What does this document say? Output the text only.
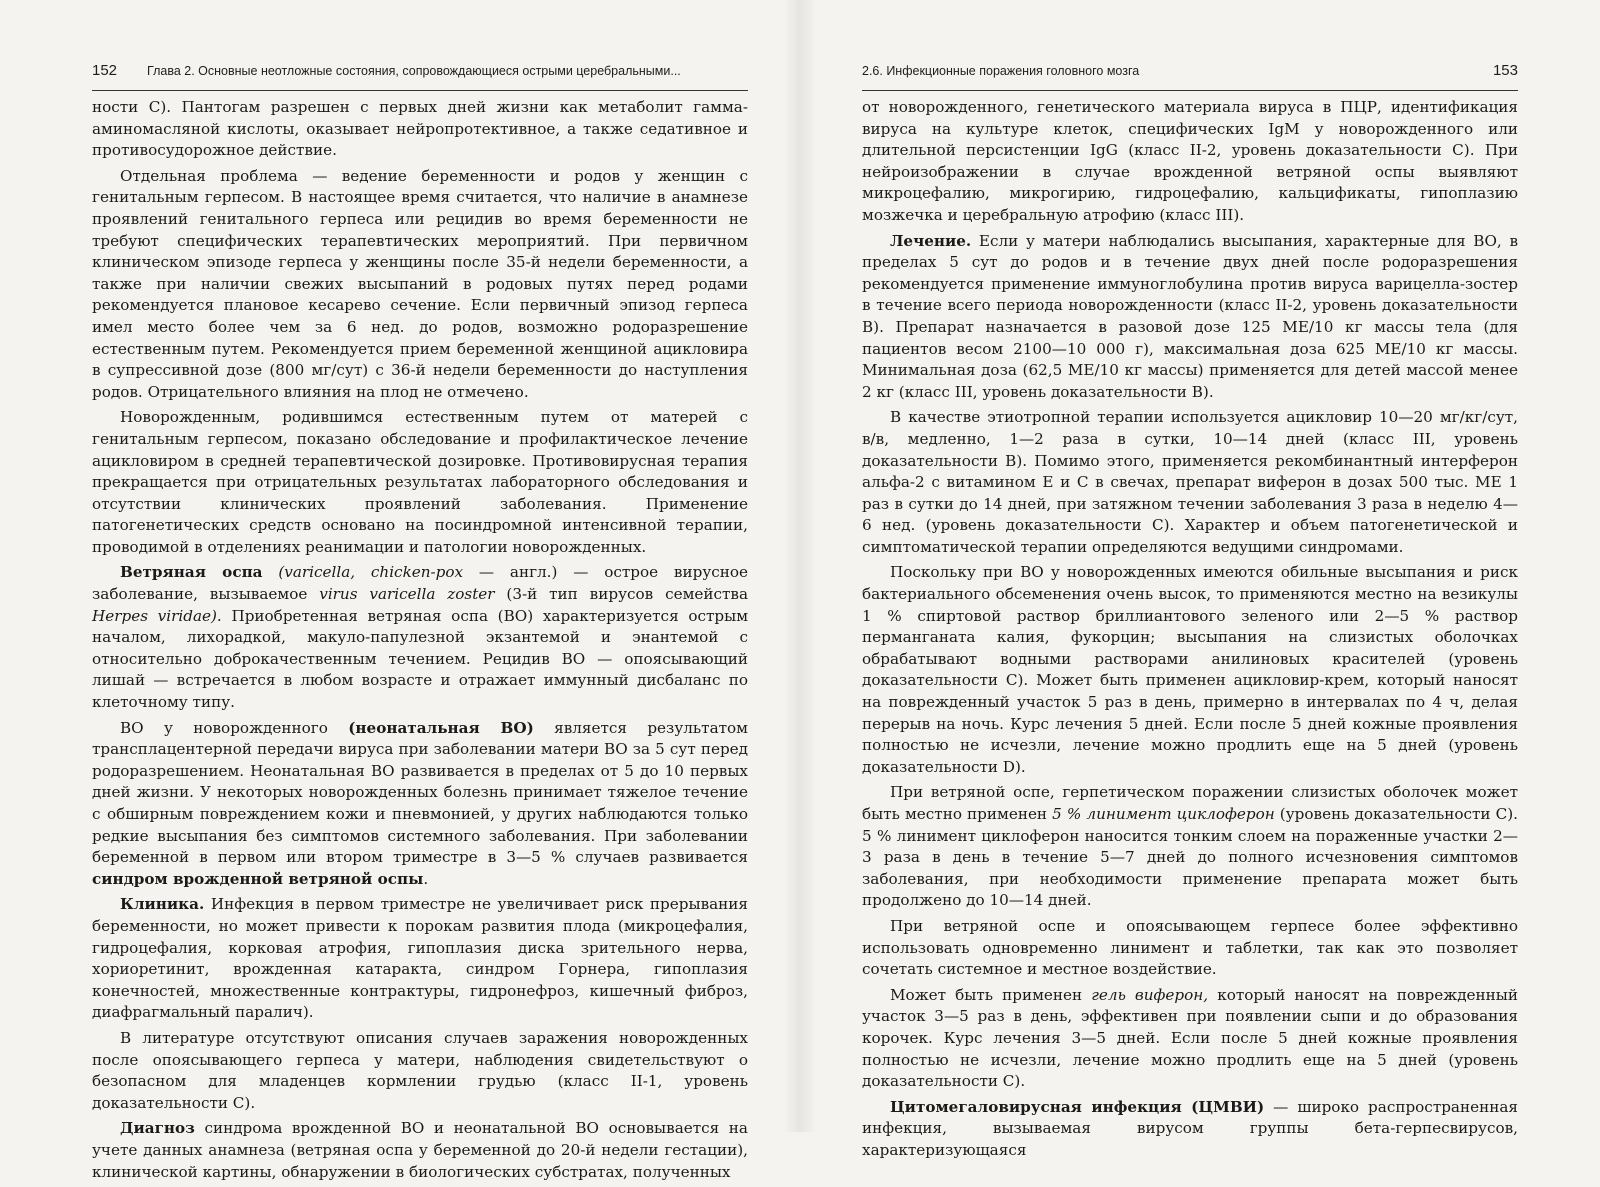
152 Глава 2. Основные неотложные состояния, сопровождающиеся острыми церебральными...

ности С). Пантогам разрешен с первых дней жизни как метаболит гамма-аминомасляной кислоты, оказывает нейропротективное, а также седативное и противосудорожное действие.

Отдельная проблема — ведение беременности и родов у женщин с генитальным герпесом. В настоящее время считается, что наличие в анамнезе проявлений генитального герпеса или рецидив во время беременности не требуют специфических терапевтических мероприятий. При первичном клиническом эпизоде герпеса у женщины после 35-й недели беременности, а также при наличии свежих высыпаний в родовых путях перед родами рекомендуется плановое кесарево сечение. Если первичный эпизод герпеса имел место более чем за 6 нед. до родов, возможно родоразрешение естественным путем. Рекомендуется прием беременной женщиной ацикловира в супрессивной дозе (800 мг/сут) с 36-й недели беременности до наступления родов. Отрицательного влияния на плод не отмечено.

Новорожденным, родившимся естественным путем от матерей с генитальным герпесом, показано обследование и профилактическое лечение ацикловиром в средней терапевтической дозировке. Противовирусная терапия прекращается при отрицательных результатах лабораторного обследования и отсутствии клинических проявлений заболевания. Применение патогенетических средств основано на посиндромной интенсивной терапии, проводимой в отделениях реанимации и патологии новорожденных.

Ветряная оспа (varicella, chicken-pox — англ.) — острое вирусное заболевание, вызываемое virus varicella zoster (3-й тип вирусов семейства Herpes viridae). Приобретенная ветряная оспа (ВО) характеризуется острым началом, лихорадкой, макуло-папулезной экзантемой и энантемой с относительно доброкачественным течением. Рецидив ВО — опоясывающий лишай — встречается в любом возрасте и отражает иммунный дисбаланс по клеточному типу.

ВО у новорожденного (неонатальная ВО) является результатом трансплацентерной передачи вируса при заболевании матери ВО за 5 сут перед родоразрешением. Неонатальная ВО развивается в пределах от 5 до 10 первых дней жизни. У некоторых новорожденных болезнь принимает тяжелое течение с обширным повреждением кожи и пневмонией, у других наблюдаются только редкие высыпания без симптомов системного заболевания. При заболевании беременной в первом или втором триместре в 3—5 % случаев развивается синдром врожденной ветряной оспы.

Клиника. Инфекция в первом триместре не увеличивает риск прерывания беременности, но может привести к порокам развития плода (микроцефалия, гидроцефалия, корковая атрофия, гипоплазия диска зрительного нерва, хориоретинит, врожденная катаракта, синдром Горнера, гипоплазия конечностей, множественные контрактуры, гидронефроз, кишечный фиброз, диафрагмальный паралич).

В литературе отсутствуют описания случаев заражения новорожденных после опоясывающего герпеса у матери, наблюдения свидетельствуют о безопасном для младенцев кормлении грудью (класс II-1, уровень доказательности С).

Диагноз синдрома врожденной ВО и неонатальной ВО основывается на учете данных анамнеза (ветряная оспа у беременной до 20-й недели гестации), клинической картины, обнаружении в биологических субстратах, полученных

2.6. Инфекционные поражения головного мозга	153

от новорожденного, генетического материала вируса в ПЦР, идентификация вируса на культуре клеток, специфических IgM у новорожденного или длительной персистенции IgG (класс II-2, уровень доказательности С). При нейроизображении в случае врожденной ветряной оспы выявляют микроцефалию, микрогирию, гидроцефалию, кальцификаты, гипоплазию мозжечка и церебральную атрофию (класс III).

Лечение. Если у матери наблюдались высыпания, характерные для ВО, в пределах 5 сут до родов и в течение двух дней после родоразрешения рекомендуется применение иммуноглобулина против вируса варицелла-зостер в течение всего периода новорожденности (класс II-2, уровень доказательности В). Препарат назначается в разовой дозе 125 МЕ/10 кг массы тела (для пациентов весом 2100—10 000 г), максимальная доза 625 МЕ/10 кг массы. Минимальная доза (62,5 МЕ/10 кг массы) применяется для детей массой менее 2 кг (класс III, уровень доказательности В).

В качестве этиотропной терапии используется ацикловир 10—20 мг/кг/сут, в/в, медленно, 1—2 раза в сутки, 10—14 дней (класс III, уровень доказательности В). Помимо этого, применяется рекомбинантный интерферон альфа-2 с витамином Е и С в свечах, препарат виферон в дозах 500 тыс. МЕ 1 раз в сутки до 14 дней, при затяжном течении заболевания 3 раза в неделю 4—6 нед. (уровень доказательности С). Характер и объем патогенетической и симптоматической терапии определяются ведущими синдромами.

Поскольку при ВО у новорожденных имеются обильные высыпания и риск бактериального обсеменения очень высок, то применяются местно на везикулы 1 % спиртовой раствор бриллиантового зеленого или 2—5 % раствор перманганата калия, фукорцин; высыпания на слизистых оболочках обрабатывают водными растворами анилиновых красителей (уровень доказательности С). Может быть применен ацикловир-крем, который наносят на поврежденный участок 5 раз в день, примерно в интервалах по 4 ч, делая перерыв на ночь. Курс лечения 5 дней. Если после 5 дней кожные проявления полностью не исчезли, лечение можно продлить еще на 5 дней (уровень доказательности D).

При ветряной оспе, герпетическом поражении слизистых оболочек может быть местно применен 5 % линимент циклоферон (уровень доказательности С). 5 % линимент циклоферон наносится тонким слоем на пораженные участки 2—3 раза в день в течение 5—7 дней до полного исчезновения симптомов заболевания, при необходимости применение препарата может быть продолжено до 10—14 дней.

При ветряной оспе и опоясывающем герпесе более эффективно использовать одновременно линимент и таблетки, так как это позволяет сочетать системное и местное воздействие.

Может быть применен гель виферон, который наносят на поврежденный участок 3—5 раз в день, эффективен при появлении сыпи и до образования корочек. Курс лечения 3—5 дней. Если после 5 дней кожные проявления полностью не исчезли, лечение можно продлить еще на 5 дней (уровень доказательности С).

Цитомегаловирусная инфекция (ЦМВИ) — широко распространенная инфекция, вызываемая вирусом группы бета-герпесвирусов, характеризующаяся
